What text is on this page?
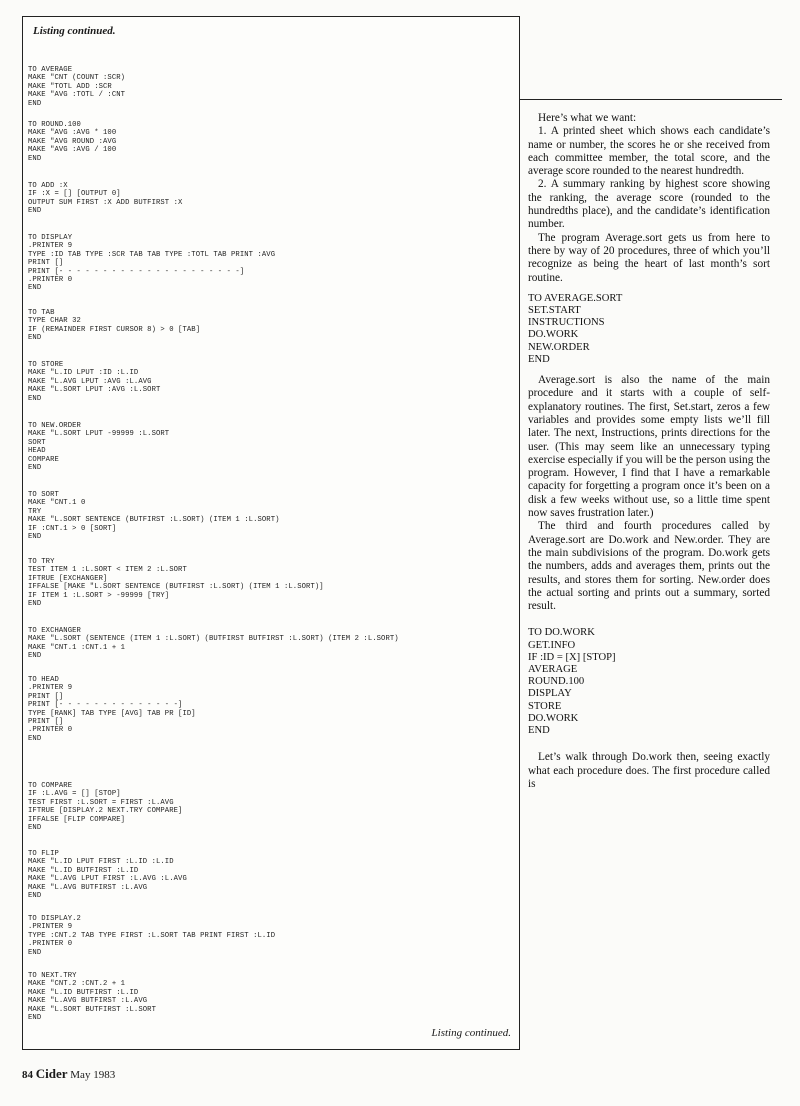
Listing continued.
Listing continued.
TO AVERAGE
MAKE "CNT (COUNT :SCR)
MAKE "TOTL ADD :SCR
MAKE "AVG :TOTL / :CNT
END
TO ROUND.100
MAKE "AVG :AVG * 100
MAKE "AVG ROUND :AVG
MAKE "AVG :AVG / 100
END
TO ADD :X
IF :X = [] [OUTPUT 0]
OUTPUT SUM FIRST :X ADD BUTFIRST :X
END
TO DISPLAY
.PRINTER 9
TYPE :ID TAB TYPE :SCR TAB TAB TYPE :TOTL TAB PRINT :AVG
PRINT []
PRINT [- - - - - - - - - - - - - - - - - - - - -]
.PRINTER 0
END
TO TAB
TYPE CHAR 32
IF (REMAINDER FIRST CURSOR 8) > 0 [TAB]
END
TO STORE
MAKE "L.ID LPUT :ID :L.ID
MAKE "L.AVG LPUT :AVG :L.AVG
MAKE "L.SORT LPUT :AVG :L.SORT
END
TO NEW.ORDER
MAKE "L.SORT LPUT -99999 :L.SORT
SORT
HEAD
COMPARE
END
TO SORT
MAKE "CNT.1 0
TRY
MAKE "L.SORT SENTENCE (BUTFIRST :L.SORT) (ITEM 1 :L.SORT)
IF :CNT.1 > 0 [SORT]
END
TO TRY
TEST ITEM 1 :L.SORT < ITEM 2 :L.SORT
IFTRUE [EXCHANGER]
IFFALSE [MAKE "L.SORT SENTENCE (BUTFIRST :L.SORT) (ITEM 1 :L.SORT)]
IF ITEM 1 :L.SORT > -99999 [TRY]
END
TO EXCHANGER
MAKE "L.SORT (SENTENCE (ITEM 1 :L.SORT) (BUTFIRST BUTFIRST :L.SORT) (ITEM 2 :L.SORT)
MAKE "CNT.1 :CNT.1 + 1
END
TO HEAD
.PRINTER 9
PRINT []
PRINT [- - - - - - - - - - - - - -]
TYPE [RANK] TAB TYPE [AVG] TAB PR [ID]
PRINT []
.PRINTER 0
END
TO COMPARE
IF :L.AVG = [] [STOP]
TEST FIRST :L.SORT = FIRST :L.AVG
IFTRUE [DISPLAY.2 NEXT.TRY COMPARE]
IFFALSE [FLIP COMPARE]
END
TO FLIP
MAKE "L.ID LPUT FIRST :L.ID :L.ID
MAKE "L.ID BUTFIRST :L.ID
MAKE "L.AVG LPUT FIRST :L.AVG :L.AVG
MAKE "L.AVG BUTFIRST :L.AVG
END
TO DISPLAY.2
.PRINTER 9
TYPE :CNT.2 TAB TYPE FIRST :L.SORT TAB PRINT FIRST :L.ID
.PRINTER 0
END
TO NEXT.TRY
MAKE "CNT.2 :CNT.2 + 1
MAKE "L.ID BUTFIRST :L.ID
MAKE "L.AVG BUTFIRST :L.AVG
MAKE "L.SORT BUTFIRST :L.SORT
END

Here’s what we want:

1. A printed sheet which shows each candidate’s name or number, the scores he or she received from each committee member, the total score, and the average score rounded to the nearest hundredth.

2. A summary ranking by highest score showing the ranking, the average score (rounded to the hundredths place), and the candidate’s identification number.

The program Average.sort gets us from here to there by way of 20 procedures, three of which you’ll recognize as being the heart of last month’s sort routine.

TO AVERAGE.SORT
SET.START
INSTRUCTIONS
DO.WORK
NEW.ORDER
END

Average.sort is also the name of the main procedure and it starts with a couple of self-explanatory routines. The first, Set.start, zeros a few variables and provides some empty lists we’ll fill later. The next, Instructions, prints directions for the user. (This may seem like an unnecessary typing exercise especially if you will be the person using the program. However, I find that I have a remarkable capacity for forgetting a program once it’s been on a disk a few weeks without use, so a little time spent now saves frustration later.)

The third and fourth procedures called by Average.sort are Do.work and New.order. They are the main subdivisions of the program. Do.work gets the numbers, adds and averages them, prints out the results, and stores them for sorting. New.order does the actual sorting and prints out a summary, sorted result.

TO DO.WORK
GET.INFO
IF :ID = [X] [STOP]
AVERAGE
ROUND.100
DISPLAY
STORE
DO.WORK
END

Let’s walk through Do.work then, seeing exactly what each procedure does. The first procedure called is

84 Cider May 1983
